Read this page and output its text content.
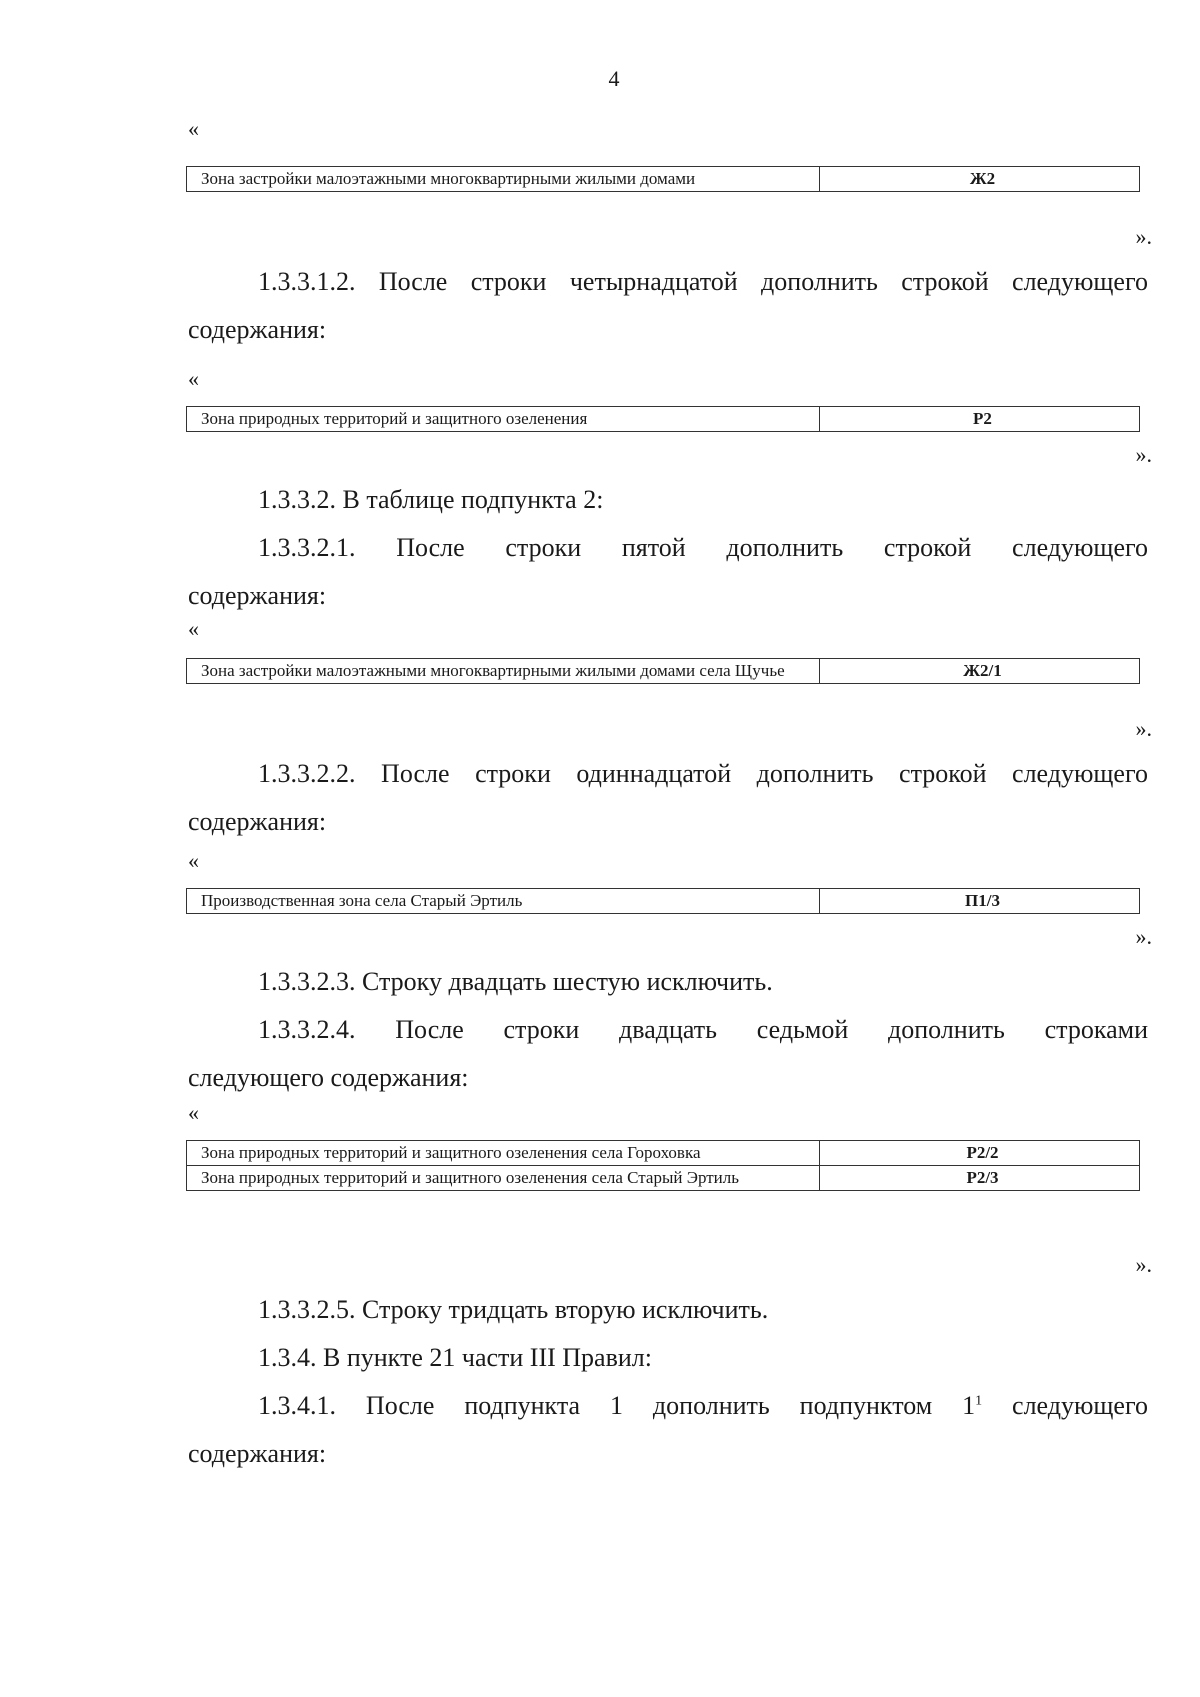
4
«
Зона застройки малоэтажными многоквартирными жилыми домами	Ж2
».
1.3.3.1.2. После строки четырнадцатой дополнить строкой следующего
содержания:
«
Зона природных территорий и защитного озеленения	Р2
».
1.3.3.2. В таблице подпункта 2:
1.3.3.2.1. После строки пятой дополнить строкой следующего
содержания:
«
Зона застройки малоэтажными многоквартирными жилыми домами села Щучье	Ж2/1
».
1.3.3.2.2. После строки одиннадцатой дополнить строкой следующего
содержания:
«
Производственная зона села Старый Эртиль	П1/3
».
1.3.3.2.3. Строку двадцать шестую исключить.
1.3.3.2.4. После строки двадцать седьмой дополнить строками
следующего содержания:
«
Зона природных территорий и защитного озеленения села Гороховка	Р2/2
Зона природных территорий и защитного озеленения села Старый Эртиль	Р2/3
».
1.3.3.2.5. Строку тридцать вторую исключить.
1.3.4. В пункте 21 части III Правил:
1.3.4.1. После подпункта 1 дополнить подпунктом $1^1$ следующего
содержания:
